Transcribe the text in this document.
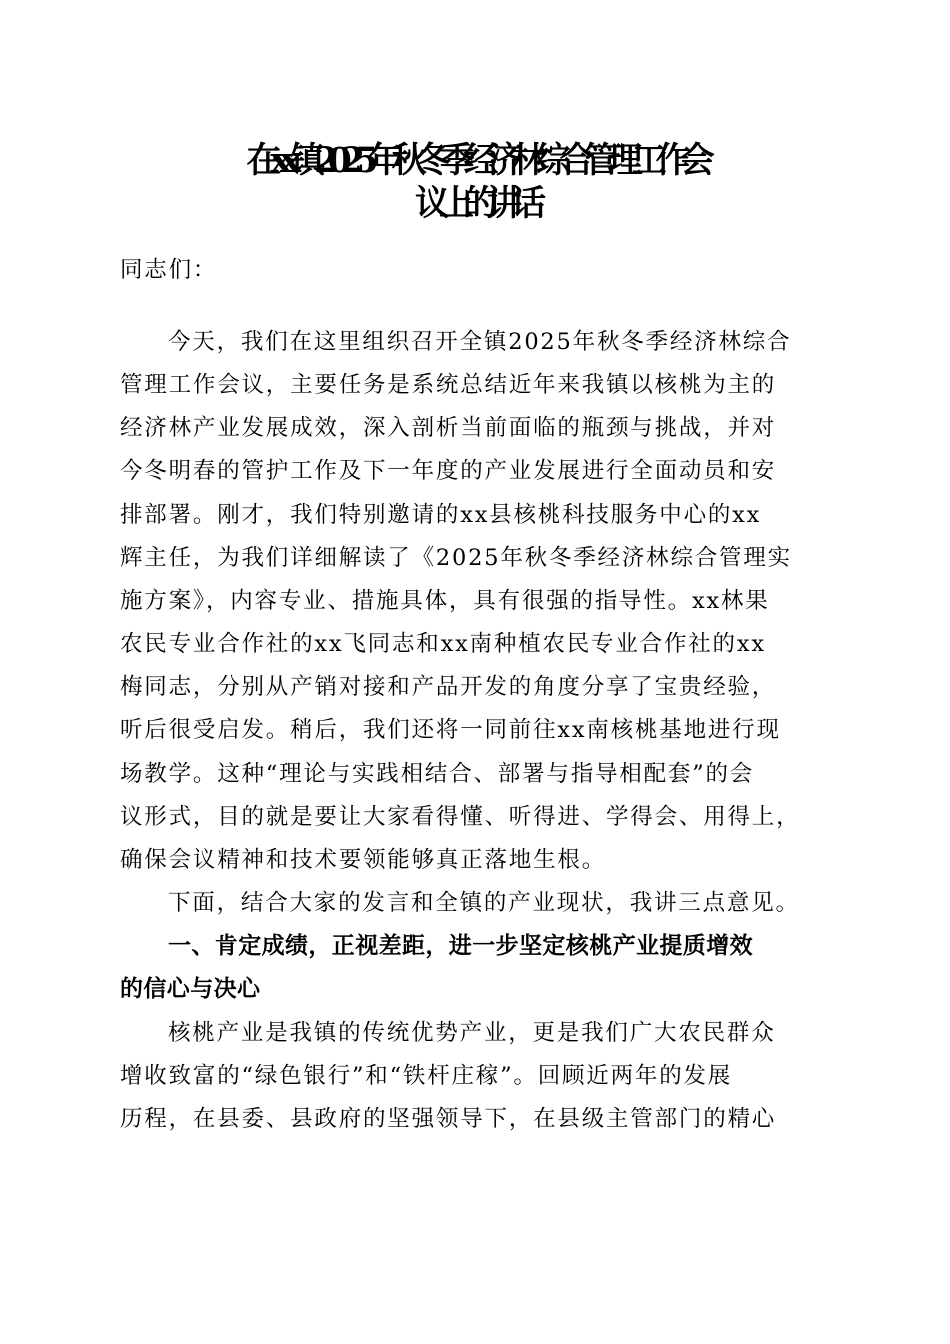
在xx镇2025年秋冬季经济林综合管理工作会
议上的讲话
同志们：
今天，我们在这里组织召开全镇2025年秋冬季经济林综合
管理工作会议，主要任务是系统总结近年来我镇以核桃为主的
经济林产业发展成效，深入剖析当前面临的瓶颈与挑战，并对
今冬明春的管护工作及下一年度的产业发展进行全面动员和安
排部署。刚才，我们特别邀请的xx县核桃科技服务中心的xx
辉主任，为我们详细解读了《2025年秋冬季经济林综合管理实
施方案》，内容专业、措施具体，具有很强的指导性。xx林果
农民专业合作社的xx飞同志和xx南种植农民专业合作社的xx
梅同志，分别从产销对接和产品开发的角度分享了宝贵经验，
听后很受启发。稍后，我们还将一同前往xx南核桃基地进行现
场教学。这种“理论与实践相结合、部署与指导相配套”的会
议形式，目的就是要让大家看得懂、听得进、学得会、用得上，
确保会议精神和技术要领能够真正落地生根。
下面，结合大家的发言和全镇的产业现状，我讲三点意见。
一、肯定成绩，正视差距，进一步坚定核桃产业提质增效
的信心与决心
核桃产业是我镇的传统优势产业，更是我们广大农民群众
增收致富的“绿色银行”和“铁杆庄稼”。回顾近两年的发展
历程，在县委、县政府的坚强领导下，在县级主管部门的精心
